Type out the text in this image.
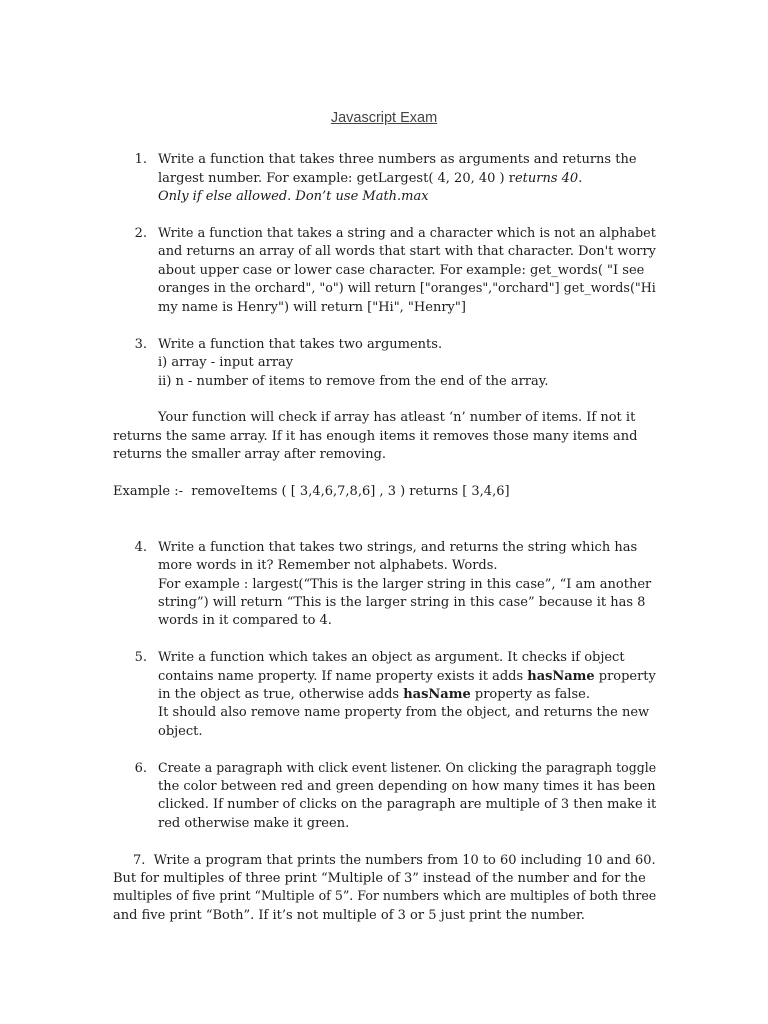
Javascript Exam
1. Write a function that takes three numbers as arguments and returns the
largest number. For example: getLargest( 4, 20, 40 ) returns 40.
Only if else allowed. Don’t use Math.max
2. Write a function that takes a string and a character which is not an alphabet
and returns an array of all words that start with that character. Don't worry
about upper case or lower case character. For example: get_words( "I see
oranges in the orchard", "o") will return ["oranges","orchard"] get_words("Hi
my name is Henry") will return ["Hi", "Henry"]
3. Write a function that takes two arguments.
i) array - input array
ii) n - number of items to remove from the end of the array.
Your function will check if array has atleast ‘n’ number of items. If not it
returns the same array. If it has enough items it removes those many items and
returns the smaller array after removing.
Example :-  removeItems ( [ 3,4,6,7,8,6] , 3 ) returns [ 3,4,6]
4. Write a function that takes two strings, and returns the string which has
more words in it? Remember not alphabets. Words.
For example : largest(“This is the larger string in this case”, “I am another
string”) will return “This is the larger string in this case” because it has 8
words in it compared to 4.
5. Write a function which takes an object as argument. It checks if object
contains name property. If name property exists it adds hasName property
in the object as true, otherwise adds hasName property as false.
It should also remove name property from the object, and returns the new
object.
6. Create a paragraph with click event listener. On clicking the paragraph toggle
the color between red and green depending on how many times it has been
clicked. If number of clicks on the paragraph are multiple of 3 then make it
red otherwise make it green.
7.  Write a program that prints the numbers from 10 to 60 including 10 and 60.
But for multiples of three print “Multiple of 3” instead of the number and for the
multiples of five print “Multiple of 5”. For numbers which are multiples of both three
and five print “Both”. If it’s not multiple of 3 or 5 just print the number.
